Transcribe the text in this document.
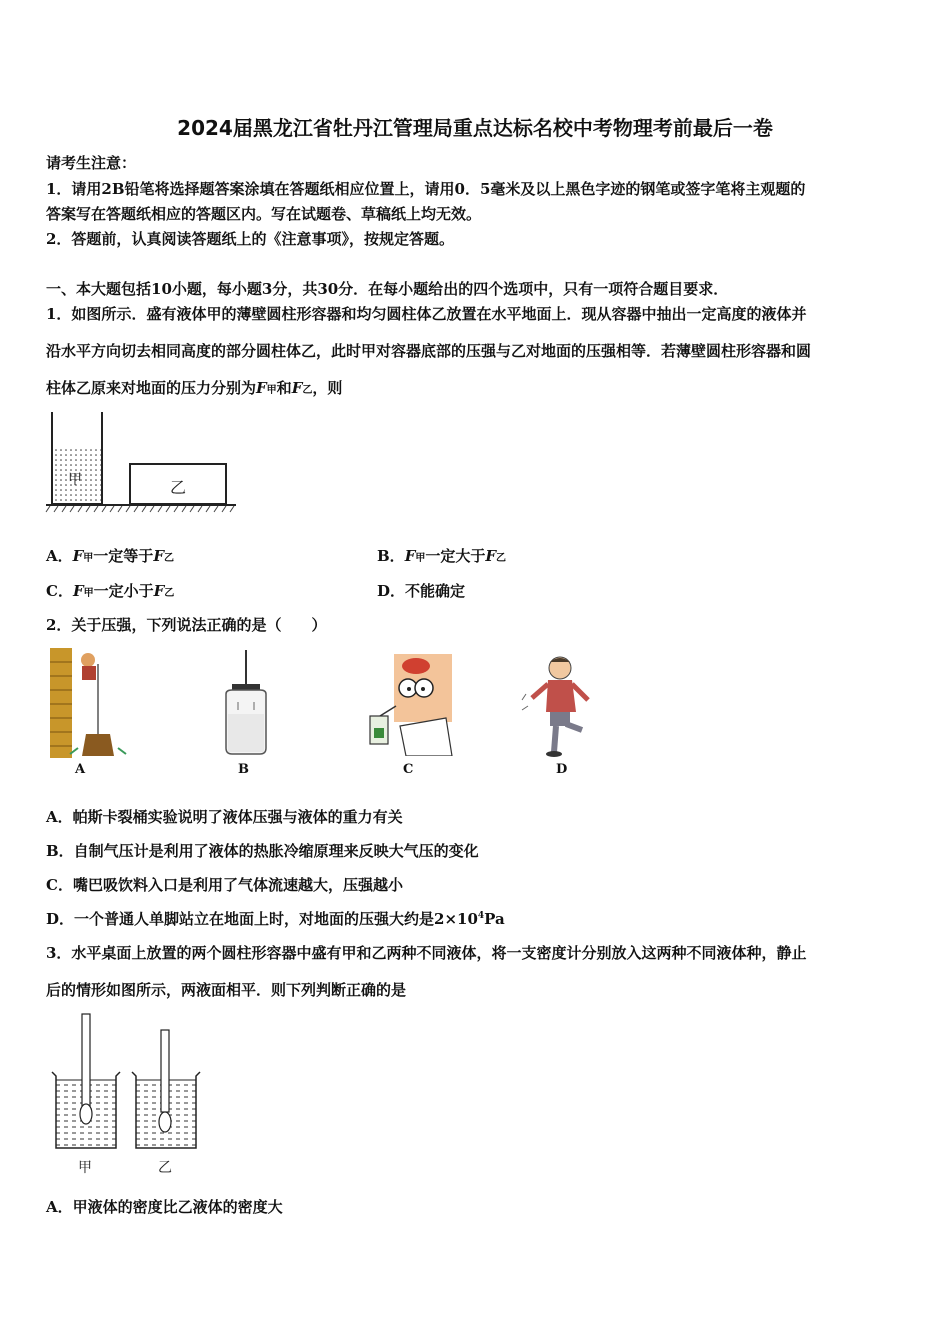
2024届黑龙江省牡丹江管理局重点达标名校中考物理考前最后一卷
请考生注意：
1．请用2B铅笔将选择题答案涂填在答题纸相应位置上，请用0．5毫米及以上黑色字迹的钢笔或签字笔将主观题的
答案写在答题纸相应的答题区内。写在试题卷、草稿纸上均无效。
2．答题前，认真阅读答题纸上的《注意事项》，按规定答题。
一、本大题包括10小题，每小题3分，共30分．在每小题给出的四个选项中，只有一项符合题目要求．
1．如图所示．盛有液体甲的薄壁圆柱形容器和均匀圆柱体乙放置在水平地面上．现从容器中抽出一定高度的液体并
沿水平方向切去相同高度的部分圆柱体乙，此时甲对容器底部的压强与乙对地面的压强相等．若薄壁圆柱形容器和圆
柱体乙原来对地面的压力分别为F甲和F乙，则
甲	乙
A．F甲一定等于F乙	B．F甲一定大于F乙
C．F甲一定小于F乙	D．不能确定
2．关于压强，下列说法正确的是（　　）
A	B	C	D
A．帕斯卡裂桶实验说明了液体压强与液体的重力有关
B．自制气压计是利用了液体的热胀冷缩原理来反映大气压的变化
C．嘴巴吸饮料入口是利用了气体流速越大，压强越小
D．一个普通人单脚站立在地面上时，对地面的压强大约是$2\times 10^4Pa$
3．水平桌面上放置的两个圆柱形容器中盛有甲和乙两种不同液体，将一支密度计分别放入这两种不同液体种，静止
后的情形如图所示，两液面相平．则下列判断正确的是
甲	乙
A．甲液体的密度比乙液体的密度大
